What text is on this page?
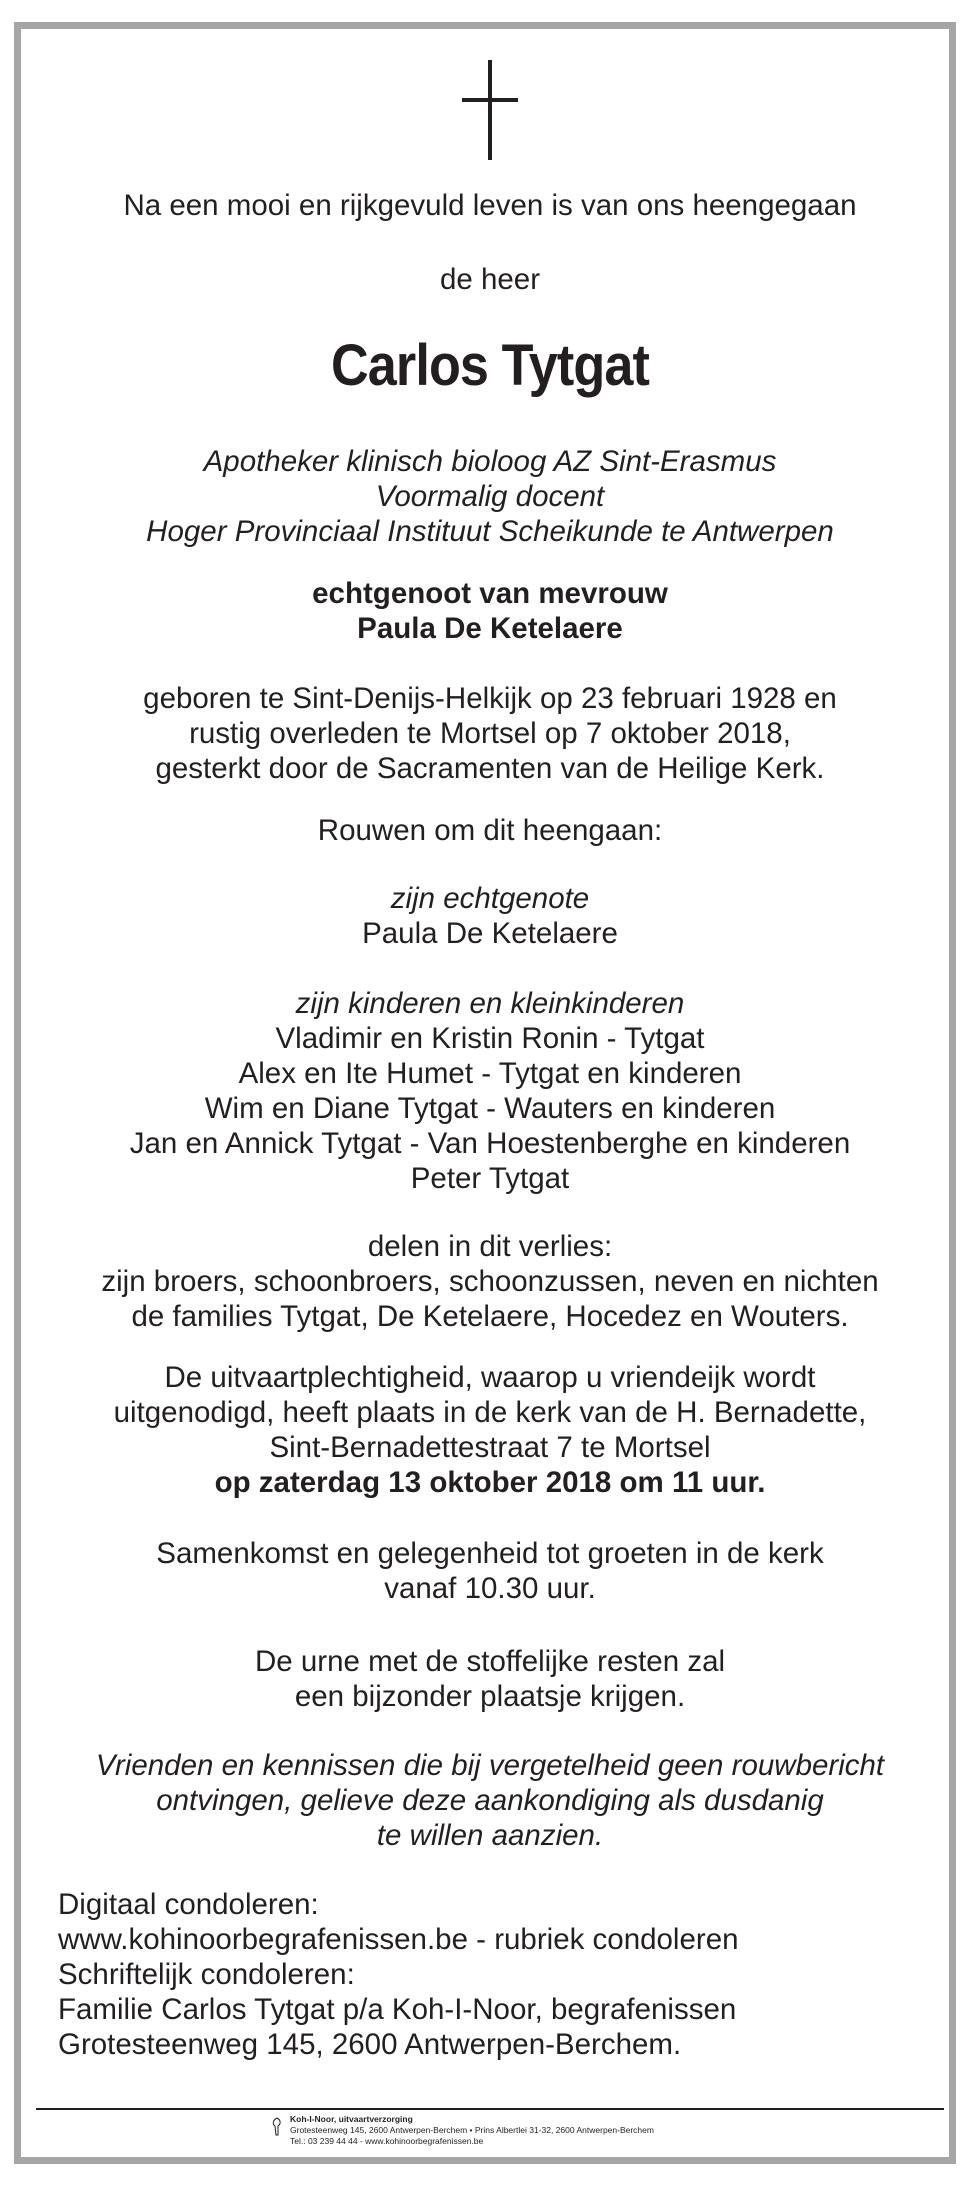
Na een mooi en rijkgevuld leven is van ons heengegaan

de heer

Carlos Tytgat

Apotheker klinisch bioloog AZ Sint-Erasmus
Voormalig docent
Hoger Provinciaal Instituut Scheikunde te Antwerpen
echtgenoot van mevrouw
Paula De Ketelaere
geboren te Sint-Denijs-Helkijk op 23 februari 1928 en
rustig overleden te Mortsel op 7 oktober 2018,
gesterkt door de Sacramenten van de Heilige Kerk.

Rouwen om dit heengaan:

zijn echtgenote
Paula De Ketelaere
zijn kinderen en kleinkinderen
Vladimir en Kristin Ronin - Tytgat
Alex en Ite Humet - Tytgat en kinderen
Wim en Diane Tytgat - Wauters en kinderen
Jan en Annick Tytgat - Van Hoestenberghe en kinderen
Peter Tytgat
delen in dit verlies:
zijn broers, schoonbroers, schoonzussen, neven en nichten
de families Tytgat, De Ketelaere, Hocedez en Wouters.
De uitvaartplechtigheid, waarop u vriendeijk wordt
uitgenodigd, heeft plaats in de kerk van de H. Bernadette,
Sint-Bernadettestraat 7 te Mortsel
op zaterdag 13 oktober 2018 om 11 uur.
Samenkomst en gelegenheid tot groeten in de kerk
vanaf 10.30 uur.
De urne met de stoffelijke resten zal
een bijzonder plaatsje krijgen.
Vrienden en kennissen die bij vergetelheid geen rouwbericht
ontvingen, gelieve deze aankondiging als dusdanig
te willen aanzien.
Digitaal condoleren:
www.kohinoorbegrafenissen.be - rubriek condoleren
Schriftelijk condoleren:
Familie Carlos Tytgat p/a Koh-I-Noor, begrafenissen
Grotesteenweg 145, 2600 Antwerpen-Berchem.
Koh-I-Noor, uitvaartverzorging
Grotesteenweg 145, 2600 Antwerpen-Berchem • Prins Albertlei 31-32, 2600 Antwerpen-Berchem
Tel.: 03 239 44 44 - www.kohinoorbegrafenissen.be
